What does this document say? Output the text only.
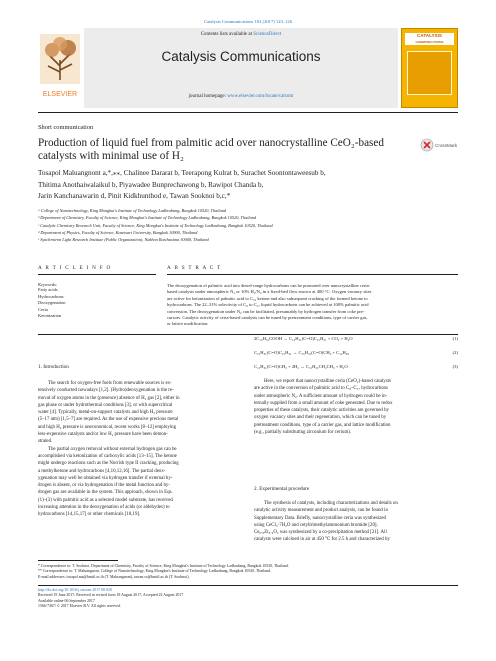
Catalysis Communications 102 (2017) 123–126
ELSEVIER
Contents lists available at ScienceDirect
Catalysis Communications
journal homepage: www.elsevier.com/locate/catcom
CATALYSIS
COMMUNICATIONS
Short communication
Production of liquid fuel from palmitic acid over nanocrystalline CeO₂-based
catalysts with minimal use of H₂
CrossMark
Tosapol Maluangnont a,*,⁎⁎, Chalinee Dararat b, Teerapong Kulrat b, Surachet Soontontaweesub b,
Thitima Anothaiwalaikul b, Piyawadee Bunprechawong b, Rawipot Chanda b,
Jarin Kanchanawarin d, Pinit Kidkhunthod e, Tawan Sooknoi b,c,*
ᵃ College of Nanotechnology, King Mongkut's Institute of Technology Ladkrabang, Bangkok 10520, Thailand
ᵇ Department of Chemistry, Faculty of Science, King Mongkut's Institute of Technology Ladkrabang, Bangkok 10520, Thailand
ᶜ Catalytic Chemistry Research Unit, Faculty of Science, King Mongkut's Institute of Technology Ladkrabang, Bangkok 10520, Thailand
ᵈ Department of Physics, Faculty of Science, Kasetsart University, Bangkok 10900, Thailand
ᵉ Synchrotron Light Research Institute (Public Organization), Nakhon Ratchasima 30000, Thailand
A R T I C L E I N F O	A B S T R A C T
Keywords:
Fatty acids
Hydrocarbons
Deoxygenation
Ceria
Ketonization
The deoxygenation of palmitic acid into diesel-range hydrocarbons can be promoted over nanocrystalline ceria-
based catalysts under atmospheric N₂ or 10% H₂/N₂ in a fixed-bed flow reactor at 400 °C. Oxygen vacancy sites
are active for ketonization of palmitic acid to C₃₁ ketone and also subsequent cracking of the formed ketone to
hydrocarbons. The 22–31% selectivity of C₈ to C₁₇ liquid hydrocarbons can be achieved at 100% palmitic acid
conversion. The deoxygenation under N₂ can be facilitated, presumably by hydrogen transfer from coke pre-
cursors. Catalytic activity of ceria-based catalysts can be tuned by pretreatment conditions, type of carrier gas,
or lattice modification.
1. Introduction
The search for oxygen-free fuels from renewable sources is ex-
tensively conducted nowadays [1,2]. (Hydro)deoxygenation is the re-
moval of oxygen atoms in the (presence) absence of H₂ gas [2], either in
gas phase or under hydrothermal conditions [3], or with supercritical
water [4]. Typically, metal-on-support catalysts and high H₂ pressure
(5–17 atm) [1,5–7] are required. As the use of expensive precious metal
and high H₂ pressure is uneconomical, recent works [8–12] employing
less-expensive catalysts and/or low H₂ pressure have been demon-
strated.
The partial oxygen removal without external hydrogen gas can be
accomplished via ketonization of carboxylic acids [13–15]. The ketone
might undergo reactions such as the Norrish type II cracking, producing
a methylketone and hydrocarbons [4,10,12,16]. The partial deox-
ygenation may well be obtained via hydrogen transfer if external hy-
drogen is absent, or via hydrogenation if the metal function and hy-
drogen gas are available in the system. This approach, shown in Eqs.
(1)–(3) with palmitic acid as a selected model substrate, has received
increasing attention in the deoxygenation of acids (or aldehydes) to
hydrocarbons [14,15,17] or other chemicals [18,19].
2C₁₅H₃₁COOH → C₁₅H₃₁(C=O)C₁₅H₃₁ + CO₂ + H₂O	(1)
C₁₅H₃₁(C=O)C₁₅H₃₁ → C₁₅H₃₁(C=O)CH₃ + C₁₄H₂₈	(2)
C₁₅H₃₁(C=O)CH₃ + 2H₂ → C₁₅H₃₁CH₂CH₃ + H₂O	(3)
Here, we report that nanocrystalline ceria (CeO₂)-based catalysts
are active in the conversion of palmitic acid to C₈–C₁₇ hydrocarbons
under atmospheric N₂. A sufficient amount of hydrogen could be in-
ternally supplied from a small amount of coke generated. Due to redox
properties of these catalysts, their catalytic activities are governed by
oxygen vacancy sites and their regeneration, which can be tuned by
pretreatment conditions, type of a carrier gas, and lattice modification
(e.g., partially substituting zirconium for cerium).
2. Experimental procedure
The synthesis of catalysts, including characterizations and details on
catalytic activity measurement and product analysis, can be found in
Supplementary Data. Briefly, nanocrystalline ceria was synthesized
using CeCl₃·7H₂O and cetyltrimethylammonium bromide [20].
Ce₀.₈Zr₀.₂O₂ was synthesized by a co-precipitation method [21]. All
catalysts were calcined in air at 450 °C for 2.5 h and characterized by
* Correspondence to: T. Sooknoi, Department of Chemistry, Faculty of Science, King Mongkut's Institute of Technology Ladkrabang, Bangkok 10520, Thailand.
** Correspondence to: T. Maluangnont, College of Nanotechnology, King Mongkut's Institute of Technology Ladkrabang, Bangkok 10520, Thailand.
E-mail addresses: tosapol.ma@kmitl.ac.th (T. Maluangnont), tawan.so@kmitl.ac.th (T. Sooknoi).
http://dx.doi.org/10.1016/j.catcom.2017.08.028
Received 19 June 2017; Received in revised form 18 August 2017; Accepted 22 August 2017
Available online 06 September 2017
1566-7367/ © 2017 Elsevier B.V. All rights reserved.
